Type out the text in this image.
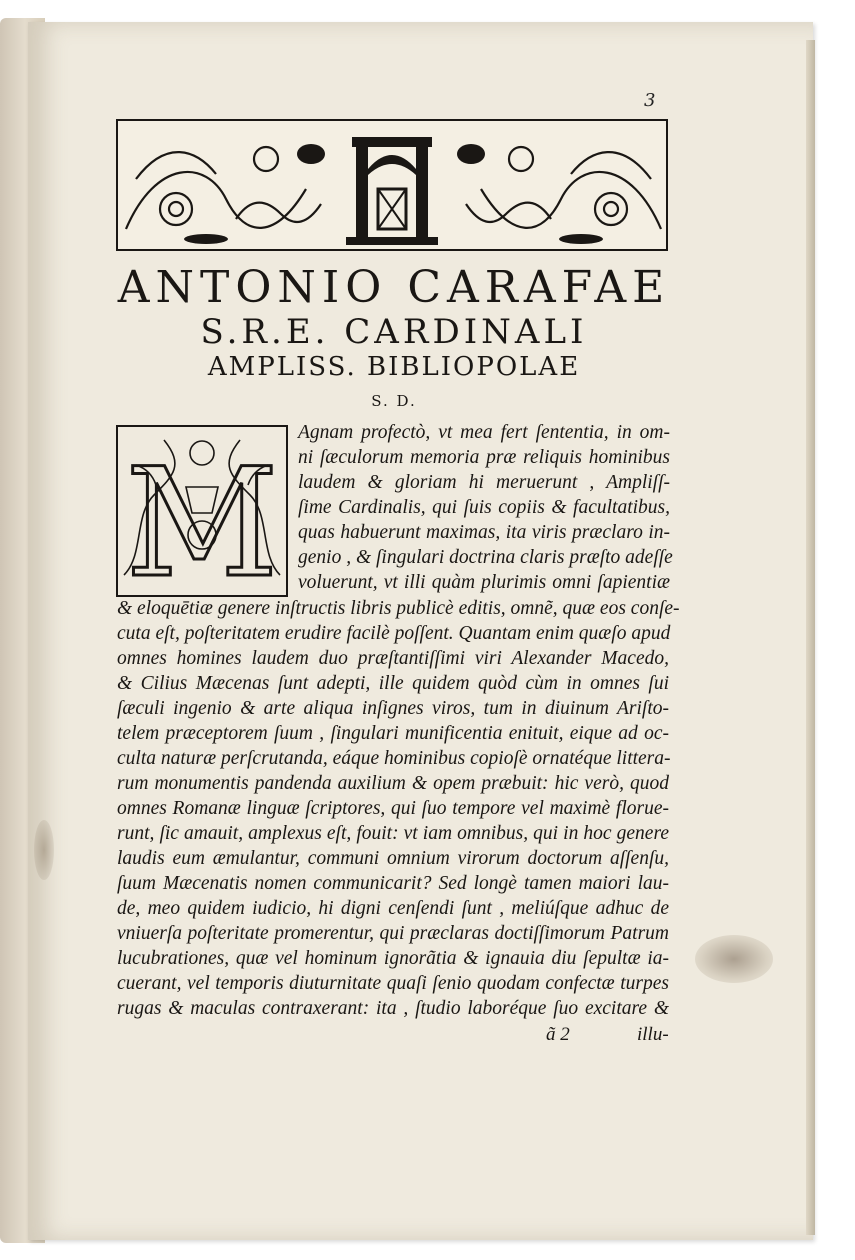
3
ANTONIO CARAFAE
S.R.E. CARDINALI
AMPLISS. BIBLIOPOLAE
S. D.
M
Agnam profectò, vt mea fert ſententia, in om-
ni ſæculorum memoria præ reliquis hominibus
laudem & gloriam hi meruerunt , Ampliſſ-
ſime Cardinalis, qui ſuis copiis & facultatibus,
quas habuerunt maximas, ita viris præclaro in-
genio , & ſingulari doctrina claris præſto adeſſe
voluerunt, vt illi quàm plurimis omni ſapientiæ
& eloquētiæ genere inſtructis libris publicè editis, omnẽ, quæ eos conſe-
cuta eſt, poſteritatem erudire facilè poſſent. Quantam enim quæſo apud
omnes homines laudem duo præſtantiſſimi viri Alexander Macedo,
& Cilius Mæcenas ſunt adepti, ille quidem quòd cùm in omnes ſui
ſæculi ingenio & arte aliqua inſignes viros, tum in diuinum Ariſto-
telem præceptorem ſuum , ſingulari munificentia enituit, eique ad oc-
culta naturæ perſcrutanda, eáque hominibus copioſè ornatéque littera-
rum monumentis pandenda auxilium & opem præbuit: hic verò, quod
omnes Romanæ linguæ ſcriptores, qui ſuo tempore vel maximè floruе-
runt, ſic amauit, amplexus eſt, fouit: vt iam omnibus, qui in hoc genere
laudis eum æmulantur, communi omnium virorum doctorum aſſenſu,
ſuum Mæcenatis nomen communicarit? Sed longè tamen maiori lau-
de, meo quidem iudicio, hi digni cenſendi ſunt , meliúſque adhuc de
vniuerſa poſteritate promerentur, qui præclaras doctiſſimorum Patrum
lucubrationes, quæ vel hominum ignorãtia & ignauia diu ſepultæ ia-
cuerant, vel temporis diuturnitate quaſi ſenio quodam confectæ turpes
rugas & maculas contraxerant: ita , ſtudio laboréque ſuo excitare &
ã 2	illu-
